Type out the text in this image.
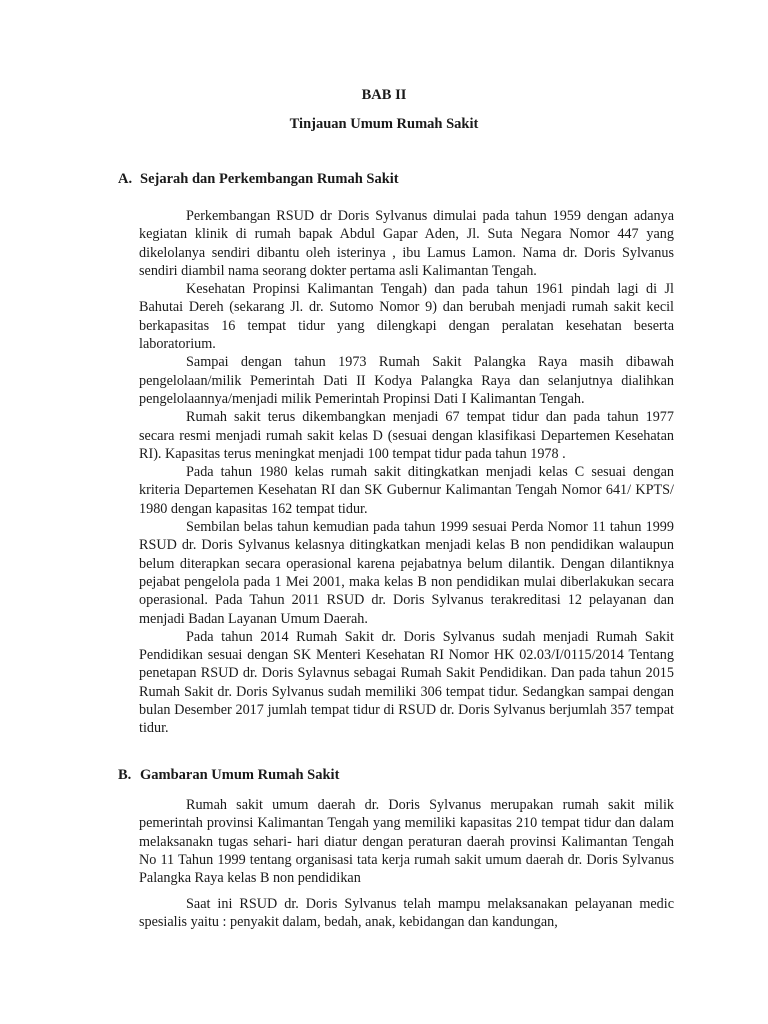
BAB II
Tinjauan Umum Rumah Sakit
A. Sejarah dan Perkembangan Rumah Sakit

Perkembangan RSUD dr Doris Sylvanus dimulai pada tahun 1959 dengan adanya kegiatan klinik di rumah bapak Abdul Gapar Aden, Jl. Suta Negara Nomor 447 yang dikelolanya sendiri dibantu oleh isterinya , ibu Lamus Lamon. Nama dr. Doris Sylvanus sendiri diambil nama seorang dokter pertama asli Kalimantan Tengah.

Kesehatan Propinsi Kalimantan Tengah) dan pada tahun 1961 pindah lagi di Jl Bahutai Dereh (sekarang Jl. dr. Sutomo Nomor 9) dan berubah menjadi rumah sakit kecil berkapasitas 16 tempat tidur yang dilengkapi dengan peralatan kesehatan beserta laboratorium.

Sampai dengan tahun 1973 Rumah Sakit Palangka Raya masih dibawah pengelolaan/milik Pemerintah Dati II Kodya Palangka Raya dan selanjutnya dialihkan pengelolaannya/menjadi milik Pemerintah Propinsi Dati I Kalimantan Tengah.

Rumah sakit terus dikembangkan menjadi 67 tempat tidur dan pada tahun 1977 secara resmi menjadi rumah sakit kelas D (sesuai dengan klasifikasi Departemen Kesehatan RI). Kapasitas terus meningkat menjadi 100 tempat tidur pada tahun 1978 .

Pada tahun 1980 kelas rumah sakit ditingkatkan menjadi kelas C sesuai dengan kriteria Departemen Kesehatan RI dan SK Gubernur Kalimantan Tengah Nomor 641/ KPTS/ 1980 dengan kapasitas 162 tempat tidur.

Sembilan belas tahun kemudian pada tahun 1999 sesuai Perda Nomor 11 tahun 1999 RSUD dr. Doris Sylvanus kelasnya ditingkatkan menjadi kelas B non pendidikan walaupun belum diterapkan secara operasional karena pejabatnya belum dilantik. Dengan dilantiknya pejabat pengelola pada 1 Mei 2001, maka kelas B non pendidikan mulai diberlakukan secara operasional. Pada Tahun 2011 RSUD dr. Doris Sylvanus terakreditasi 12 pelayanan dan menjadi Badan Layanan Umum Daerah.

Pada tahun 2014 Rumah Sakit dr. Doris Sylvanus sudah menjadi Rumah Sakit Pendidikan sesuai dengan SK Menteri Kesehatan RI Nomor HK 02.03/I/0115/2014 Tentang penetapan RSUD dr. Doris Sylavnus sebagai Rumah Sakit Pendidikan. Dan pada tahun 2015 Rumah Sakit dr. Doris Sylvanus sudah memiliki 306 tempat tidur. Sedangkan sampai dengan bulan Desember 2017 jumlah tempat tidur di RSUD dr. Doris Sylvanus berjumlah 357 tempat tidur.

B. Gambaran Umum Rumah Sakit

Rumah sakit umum daerah dr. Doris Sylvanus merupakan rumah sakit milik pemerintah provinsi Kalimantan Tengah yang memiliki kapasitas 210 tempat tidur dan dalam melaksanakn tugas sehari- hari diatur dengan peraturan daerah provinsi Kalimantan Tengah No 11 Tahun 1999 tentang organisasi tata kerja rumah sakit umum daerah dr. Doris Sylvanus Palangka Raya kelas B non pendidikan

Saat ini RSUD dr. Doris Sylvanus telah mampu melaksanakan pelayanan medic spesialis yaitu : penyakit dalam, bedah, anak, kebidangan dan kandungan,
